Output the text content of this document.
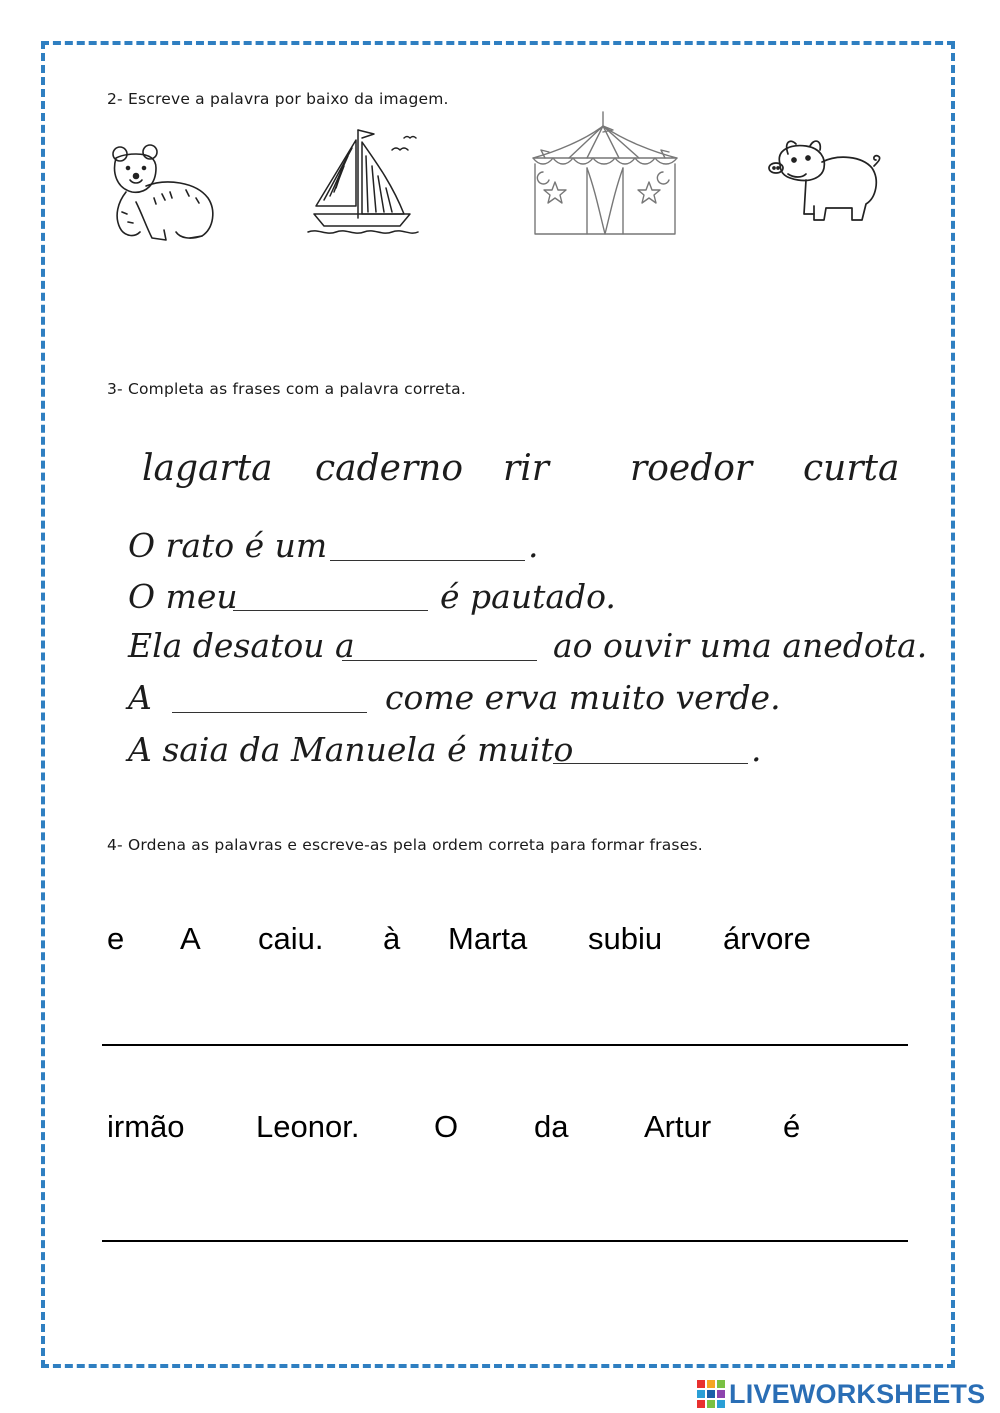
2- Escreve a palavra por baixo da imagem.
3- Completa as frases com a palavra correta.
lagarta caderno rir roedor curta
O rato é um	.
O meu	é pautado.
Ela desatou a	ao ouvir uma anedota.
A	come erva muito verde.
A saia da Manuela é muito	.
4- Ordena as palavras e escreve-as pela ordem correta para formar frases.
e A caiu. à Marta subiu árvore
irmão Leonor. O da Artur é
LIVEWORKSHEETS
